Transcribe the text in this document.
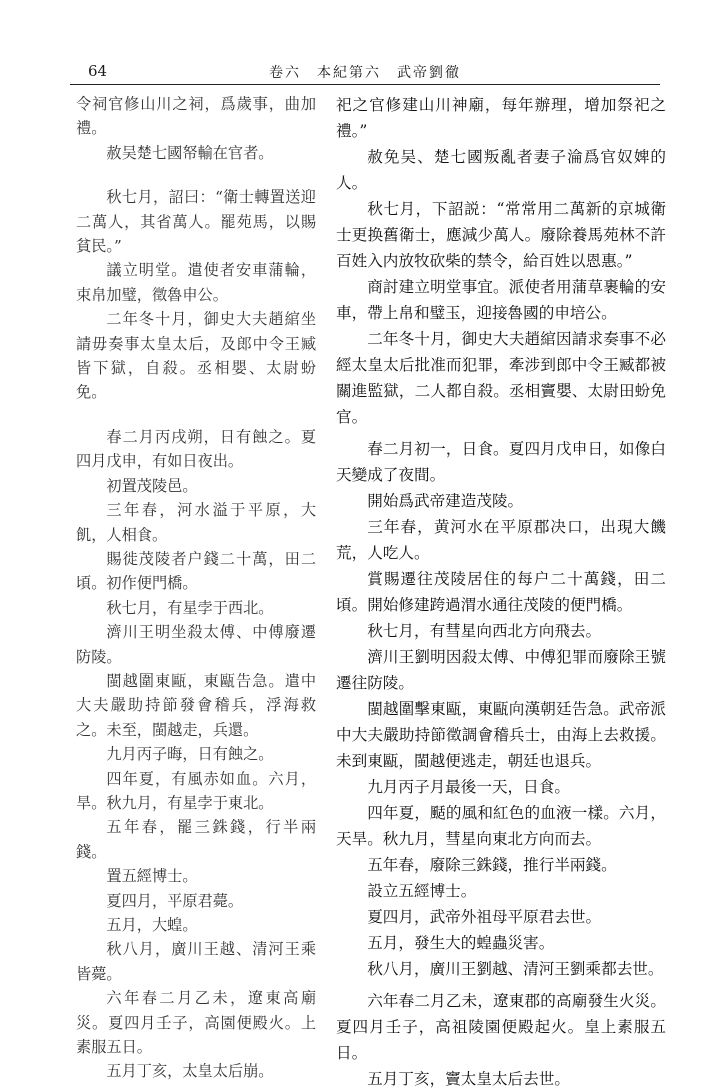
64	卷六　本紀第六　武帝劉徹

令祠官修山川之祠，爲歲事，曲加禮。

赦吴楚七國帑輸在官者。

秋七月，詔曰：“衛士轉置送迎二萬人，其省萬人。罷苑馬，以賜貧民。”

議立明堂。遣使者安車蒲輪，束帛加璧，徵魯申公。

二年冬十月，御史大夫趙綰坐請毋奏事太皇太后，及郎中令王臧皆下獄，自殺。丞相嬰、太尉蚡免。

春二月丙戌朔，日有蝕之。夏四月戊申，有如日夜出。

初置茂陵邑。

三年春，河水溢于平原，大飢，人相食。

賜徙茂陵者户錢二十萬，田二頃。初作便門橋。

秋七月，有星孛于西北。

濟川王明坐殺太傅、中傅廢遷防陵。

閩越圍東甌，東甌告急。遣中大夫嚴助持節發會稽兵，浮海救之。未至，閩越走，兵還。

九月丙子晦，日有蝕之。

四年夏，有風赤如血。六月，旱。秋九月，有星孛于東北。

五年春，罷三銖錢，行半兩錢。

置五經博士。

夏四月，平原君薨。

五月，大蝗。

秋八月，廣川王越、清河王乘皆薨。

六年春二月乙未，遼東高廟災。夏四月壬子，高園便殿火。上素服五日。

五月丁亥，太皇太后崩。

祀之官修建山川神廟，每年辦理，增加祭祀之禮。”

赦免吴、楚七國叛亂者妻子淪爲官奴婢的人。

秋七月，下詔説：“常常用二萬新的京城衛士更换舊衛士，應減少萬人。廢除養馬苑林不許百姓入内放牧砍柴的禁令，給百姓以恩惠。”

商討建立明堂事宜。派使者用蒲草裹輪的安車，帶上帛和璧玉，迎接魯國的申培公。

二年冬十月，御史大夫趙綰因請求奏事不必經太皇太后批准而犯罪，牽涉到郎中令王臧都被關進監獄，二人都自殺。丞相竇嬰、太尉田蚡免官。

春二月初一，日食。夏四月戊申日，如像白天變成了夜間。

開始爲武帝建造茂陵。

三年春，黄河水在平原郡决口，出現大饑荒，人吃人。

賞賜遷往茂陵居住的每户二十萬錢，田二頃。開始修建跨過渭水通往茂陵的便門橋。

秋七月，有彗星向西北方向飛去。

濟川王劉明因殺太傅、中傅犯罪而廢除王號遷往防陵。

閩越圍擊東甌，東甌向漢朝廷告急。武帝派中大夫嚴助持節徵調會稽兵士，由海上去救援。未到東甌，閩越便逃走，朝廷也退兵。

九月丙子月最後一天，日食。

四年夏，颳的風和紅色的血液一樣。六月，天旱。秋九月，彗星向東北方向而去。

五年春，廢除三銖錢，推行半兩錢。

設立五經博士。

夏四月，武帝外祖母平原君去世。

五月，發生大的蝗蟲災害。

秋八月，廣川王劉越、清河王劉乘都去世。

六年春二月乙未，遼東郡的高廟發生火災。夏四月壬子，高祖陵園便殿起火。皇上素服五日。

五月丁亥，竇太皇太后去世。
